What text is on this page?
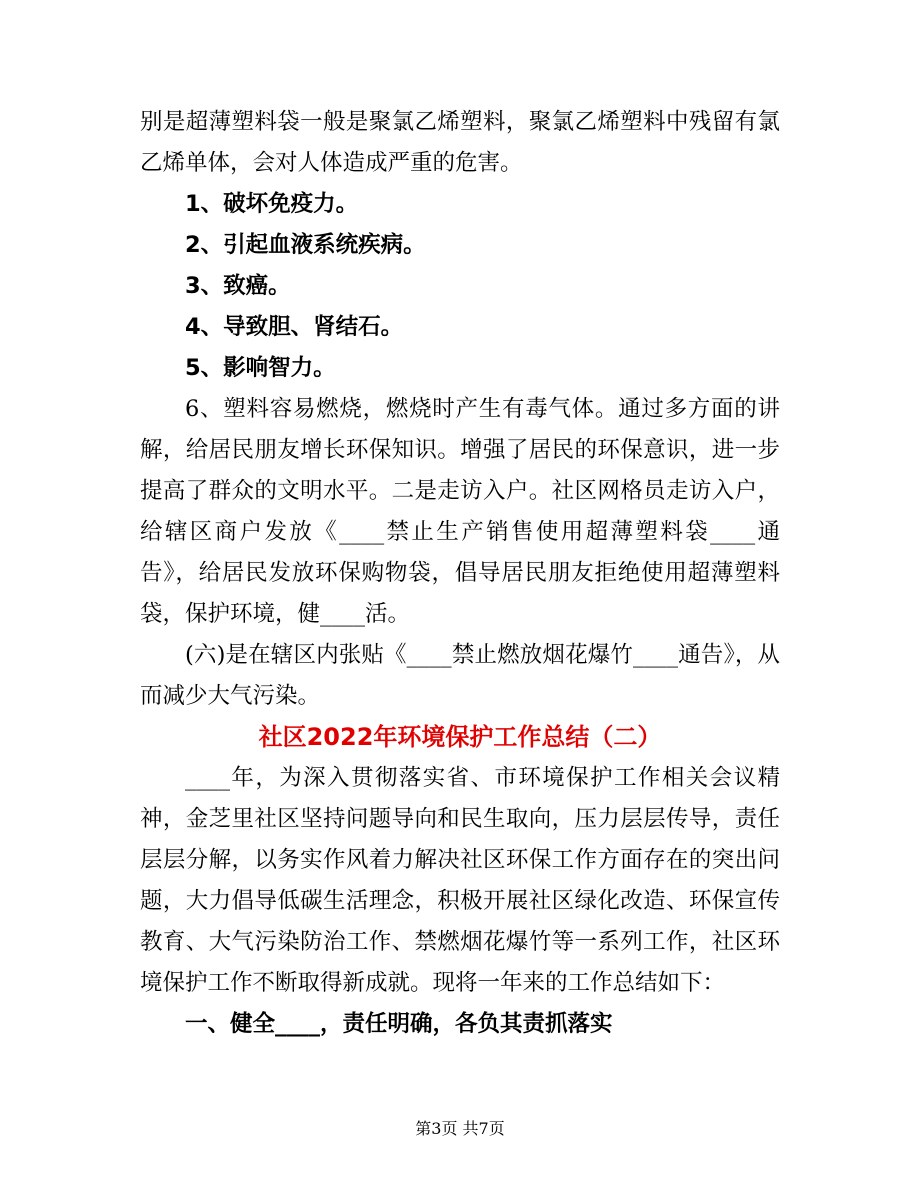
别是超薄塑料袋一般是聚氯乙烯塑料，聚氯乙烯塑料中残留有氯乙烯单体，会对人体造成严重的危害。

1、破坏免疫力。

2、引起血液系统疾病。

3、致癌。

4、导致胆、肾结石。

5、影响智力。

6、塑料容易燃烧，燃烧时产生有毒气体。通过多方面的讲解，给居民朋友增长环保知识。增强了居民的环保意识，进一步提高了群众的文明水平。二是走访入户。社区网格员走访入户，给辖区商户发放《____禁止生产销售使用超薄塑料袋____通告》，给居民发放环保购物袋，倡导居民朋友拒绝使用超薄塑料袋，保护环境，健____活。

(六)是在辖区内张贴《____禁止燃放烟花爆竹____通告》，从而减少大气污染。

社区2022年环境保护工作总结（二）

____年，为深入贯彻落实省、市环境保护工作相关会议精神，金芝里社区坚持问题导向和民生取向，压力层层传导，责任层层分解，以务实作风着力解决社区环保工作方面存在的突出问题，大力倡导低碳生活理念，积极开展社区绿化改造、环保宣传教育、大气污染防治工作、禁燃烟花爆竹等一系列工作，社区环境保护工作不断取得新成就。现将一年来的工作总结如下：

一、健全____，责任明确，各负其责抓落实

第3页 共7页
